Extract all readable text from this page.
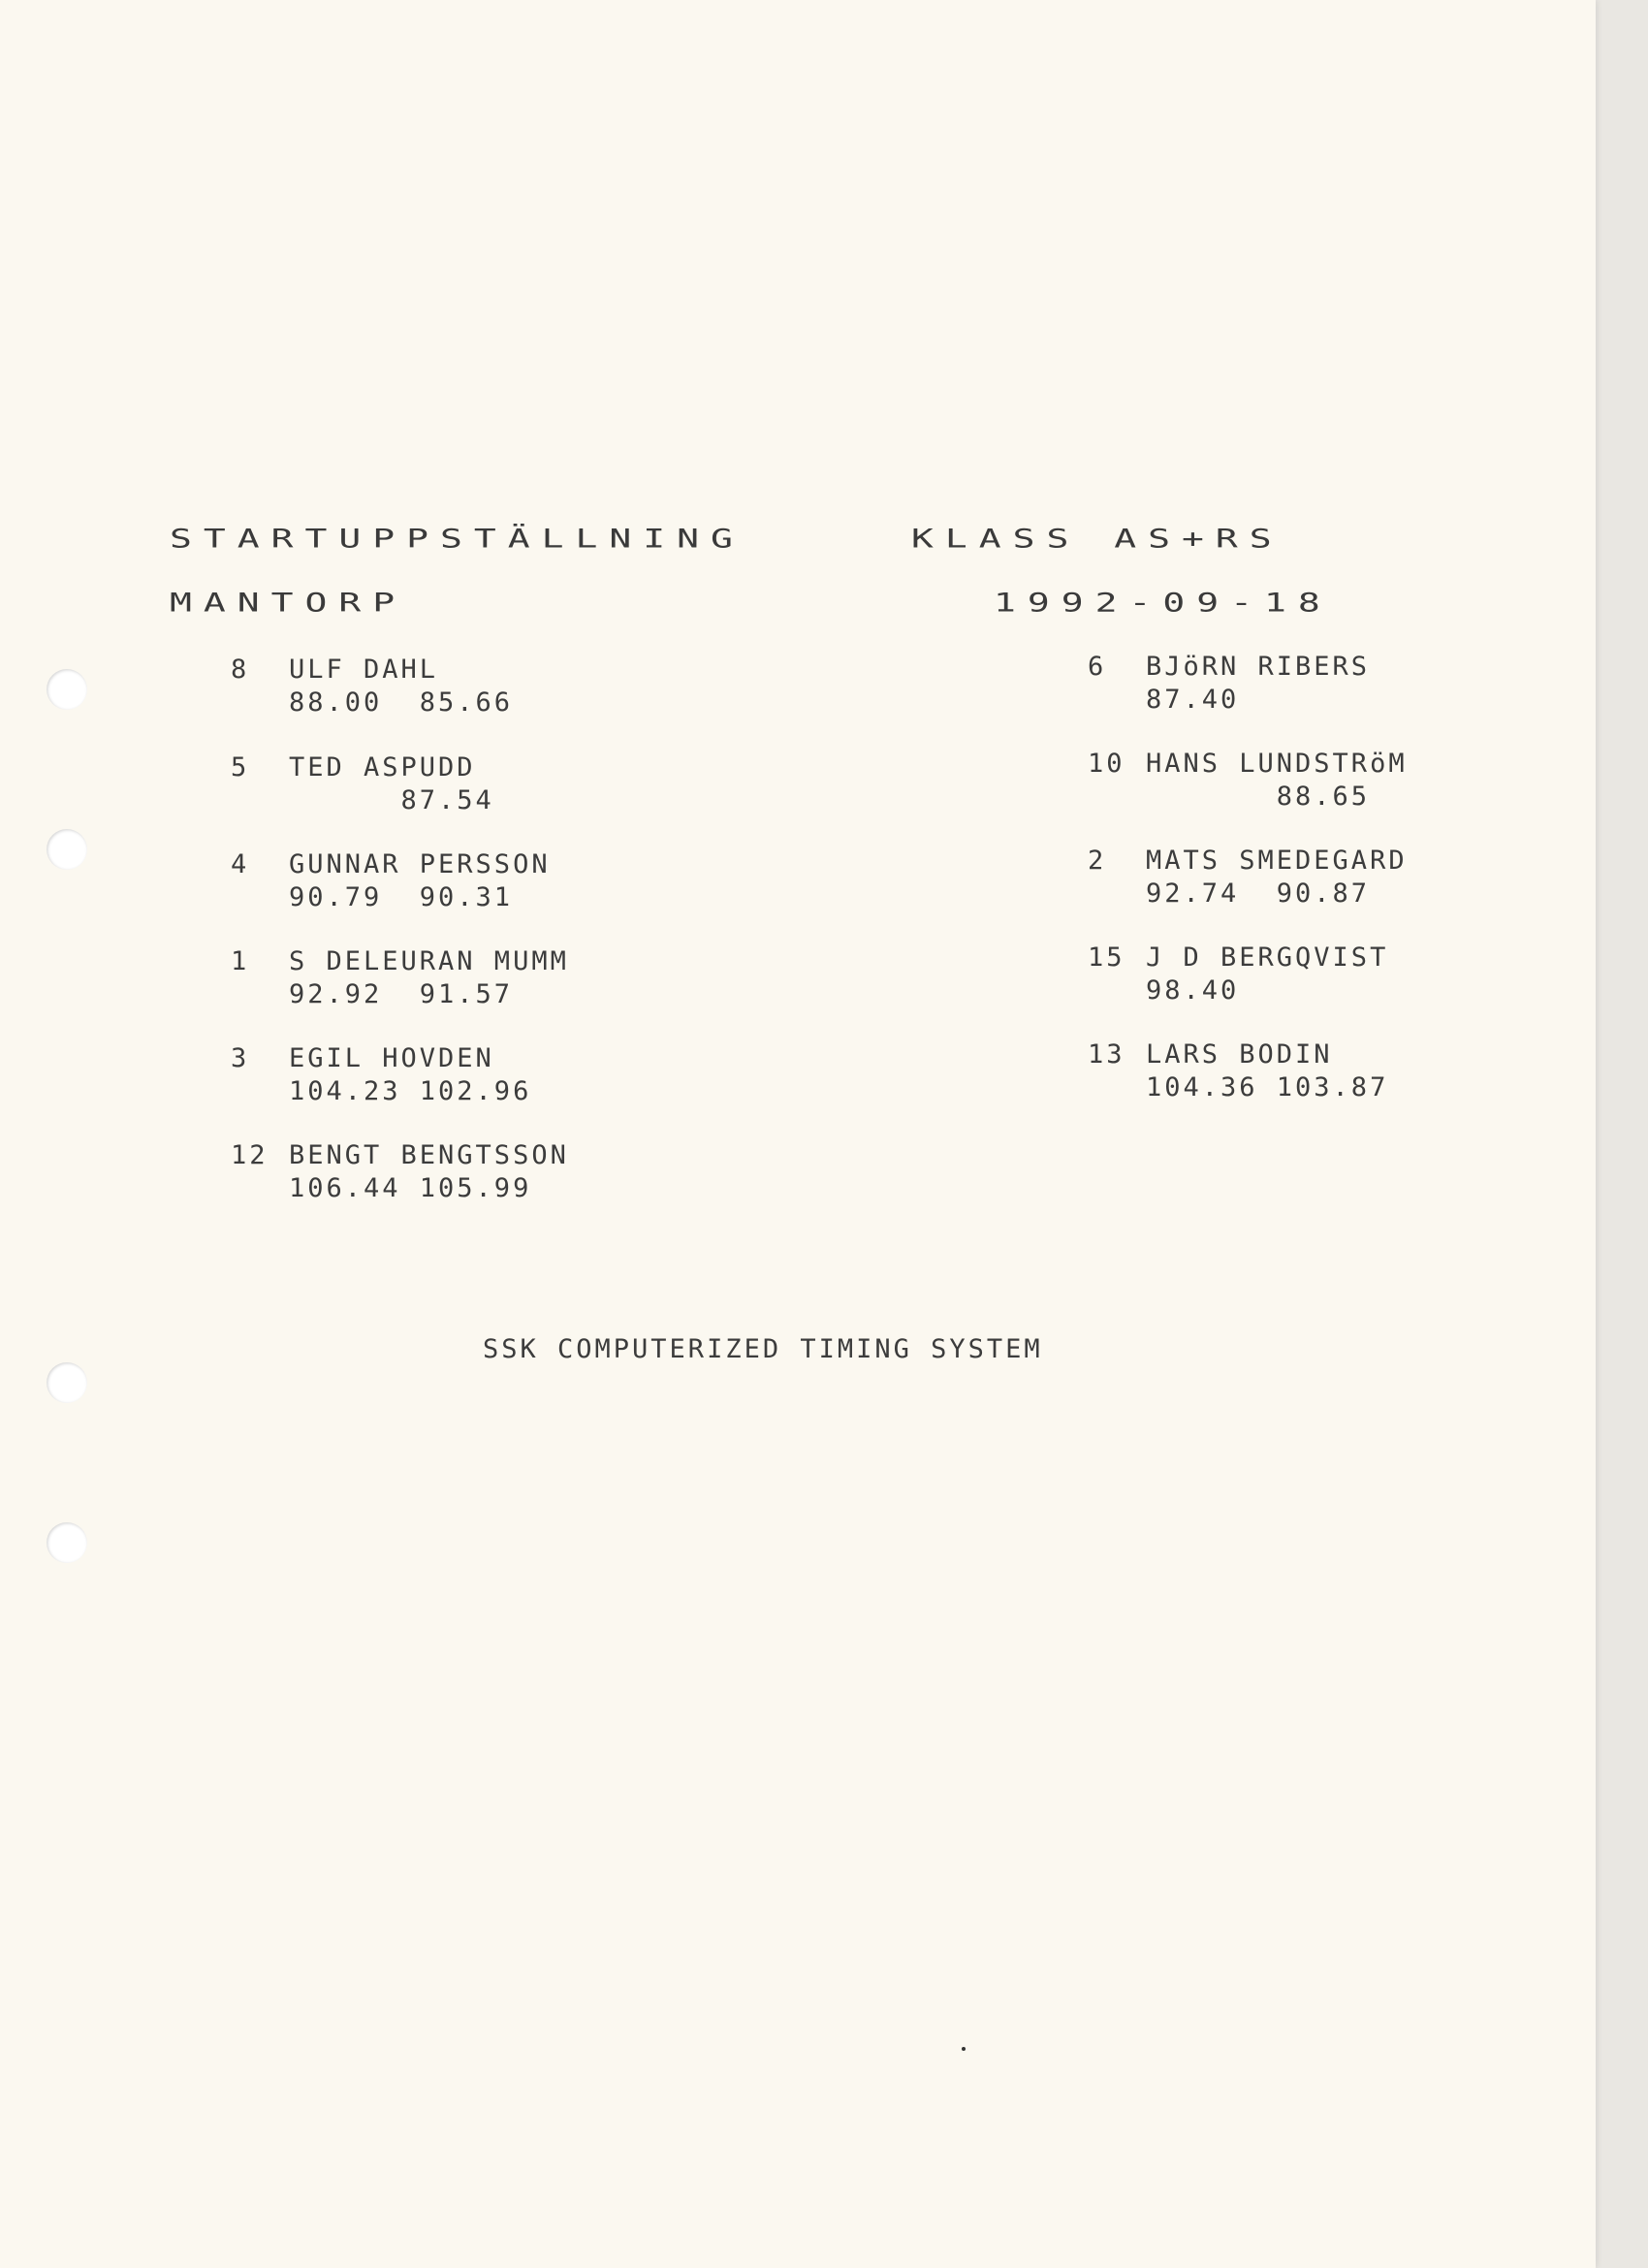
STARTUPPSTÄLLNING	KLASS AS+RS
MANTORP	1992-09-18
8 ULF DAHL
88.00  85.66
5 TED ASPUDD
87.54
4 GUNNAR PERSSON
90.79  90.31
1 S DELEURAN MUMM
92.92  91.57
3 EGIL HOVDEN
104.23 102.96
12 BENGT BENGTSSON
106.44 105.99
6 BJöRN RIBERS
87.40
10 HANS LUNDSTRöM
88.65
2 MATS SMEDEGARD
92.74  90.87
15 J D BERGQVIST
98.40
13 LARS BODIN
104.36 103.87
SSK COMPUTERIZED TIMING SYSTEM
